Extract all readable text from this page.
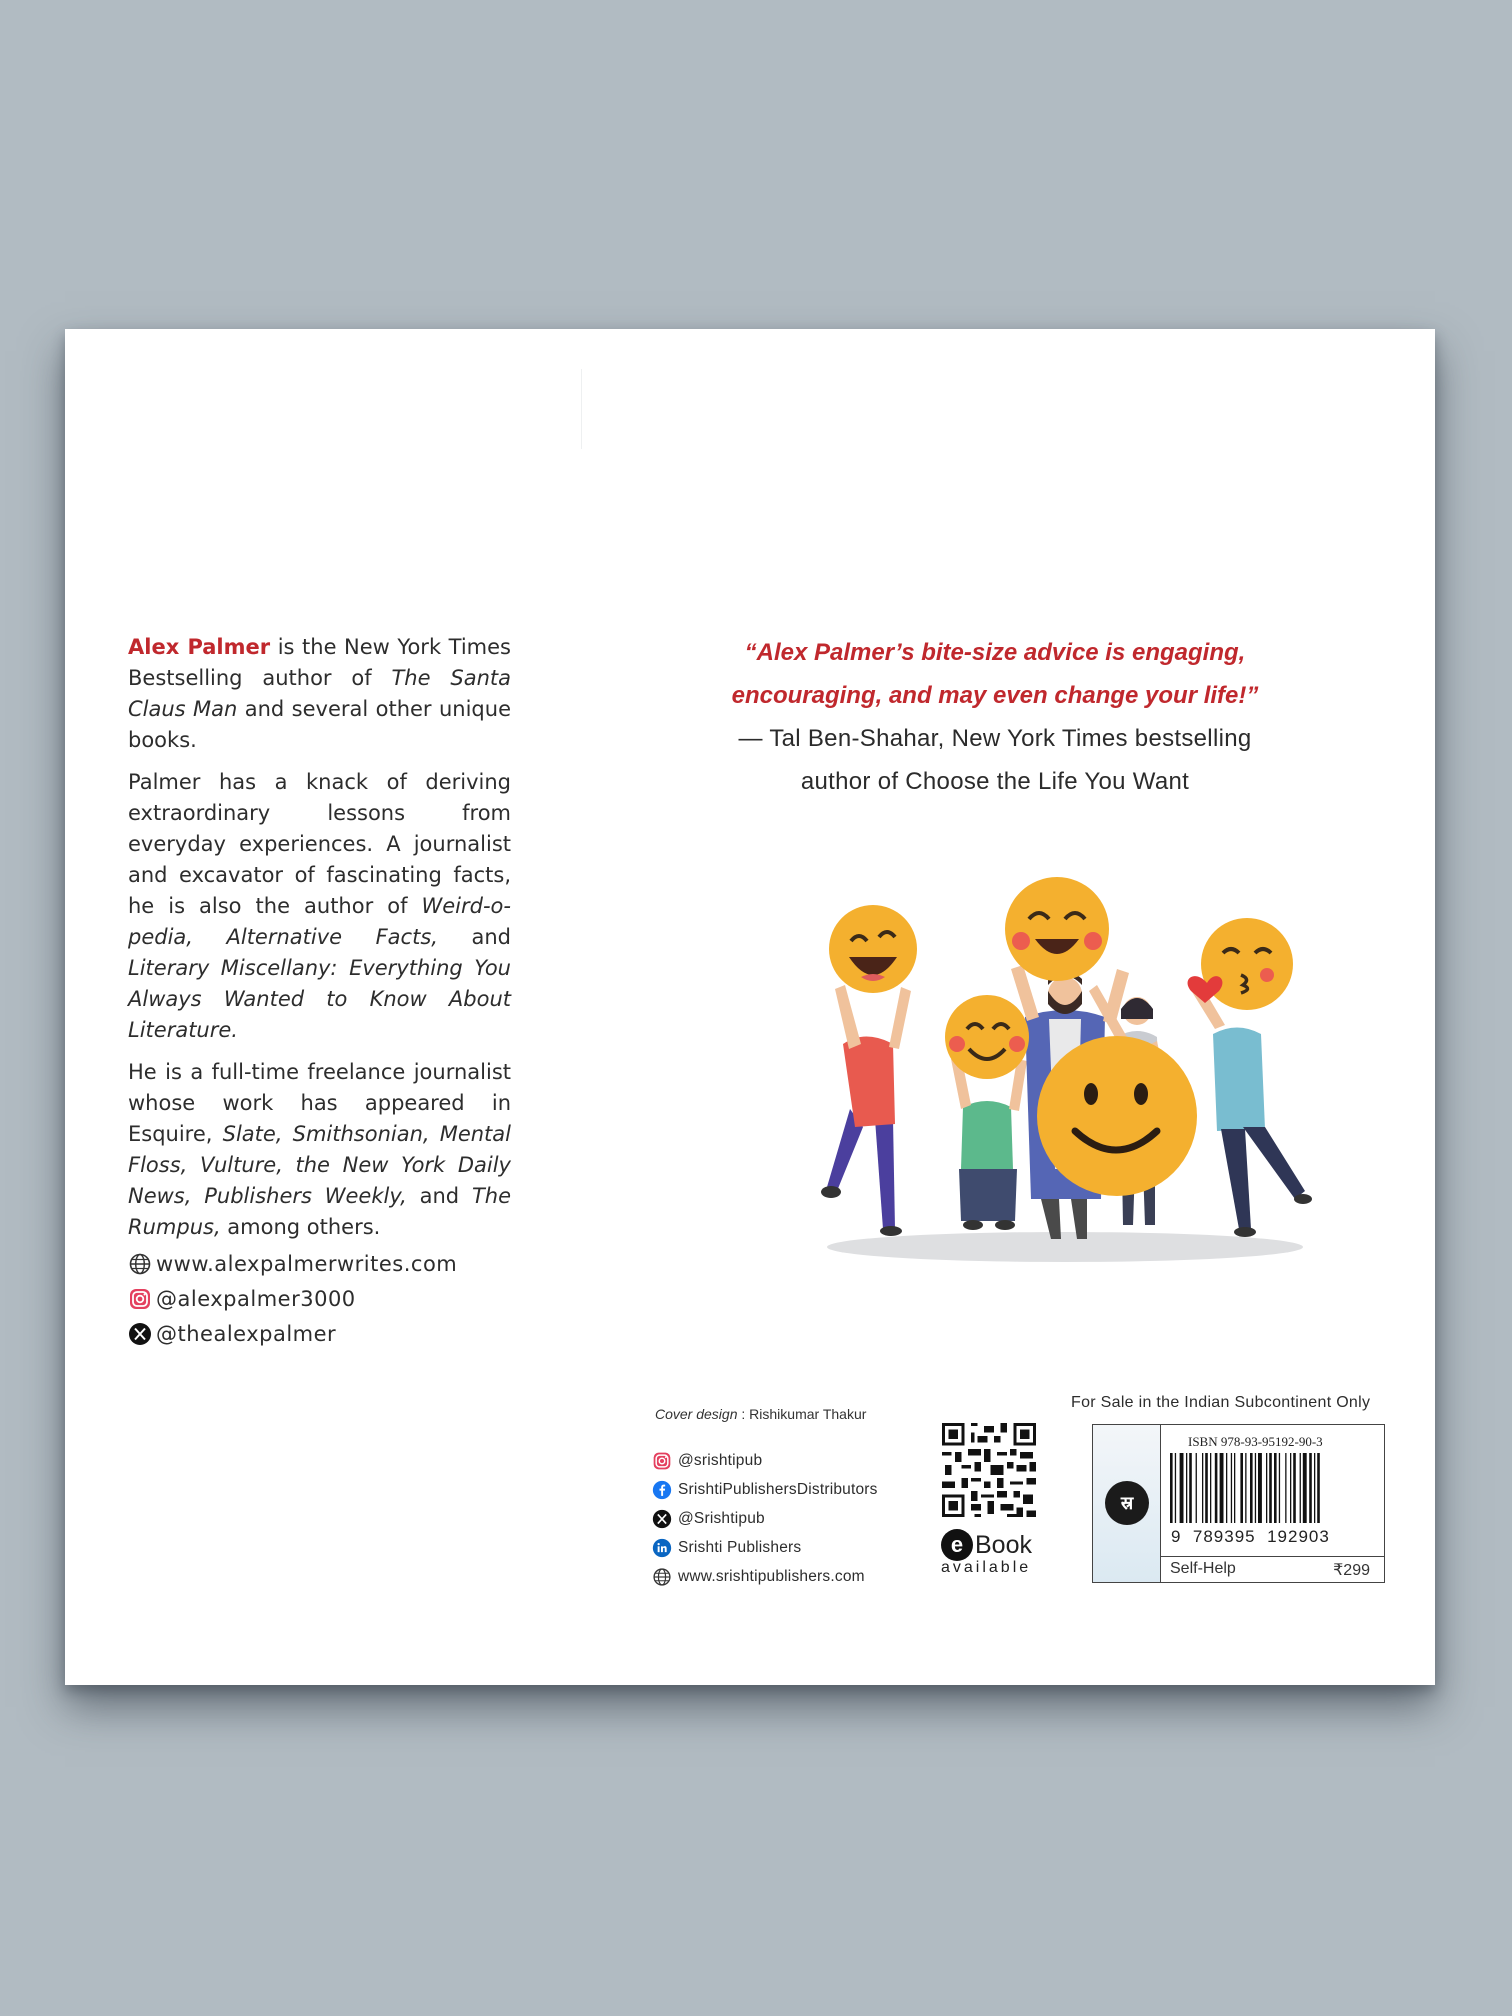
Alex Palmer is the New York Times Bestselling author of The Santa Claus Man and several other unique books.

Palmer has a knack of deriving extraordinary lessons from everyday experiences. A journalist and excavator of fascinating facts, he is also the author of Weird-o-pedia, Alternative Facts, and Literary Miscellany: Everything You Always Wanted to Know About Literature.

He is a full-time freelance journalist whose work has appeared in Esquire, Slate, Smithsonian, Mental Floss, Vulture, the New York Daily News, Publishers Weekly, and The Rumpus, among others.

www.alexpalmerwrites.com
@alexpalmer3000
@thealexpalmer
“Alex Palmer’s bite-size advice is engaging,
encouraging, and may even change your life!”
— Tal Ben-Shahar, New York Times bestselling
author of Choose the Life You Want
Cover design : Rishikumar Thakur
@srishtipub
SrishtiPublishersDistributors
@Srishtipub
Srishti Publishers
www.srishtipublishers.com
e Book
available
For Sale in the Indian Subcontinent Only
स्र
ISBN 978-93-95192-90-3
9  789395  192903
Self-Help	₹299
